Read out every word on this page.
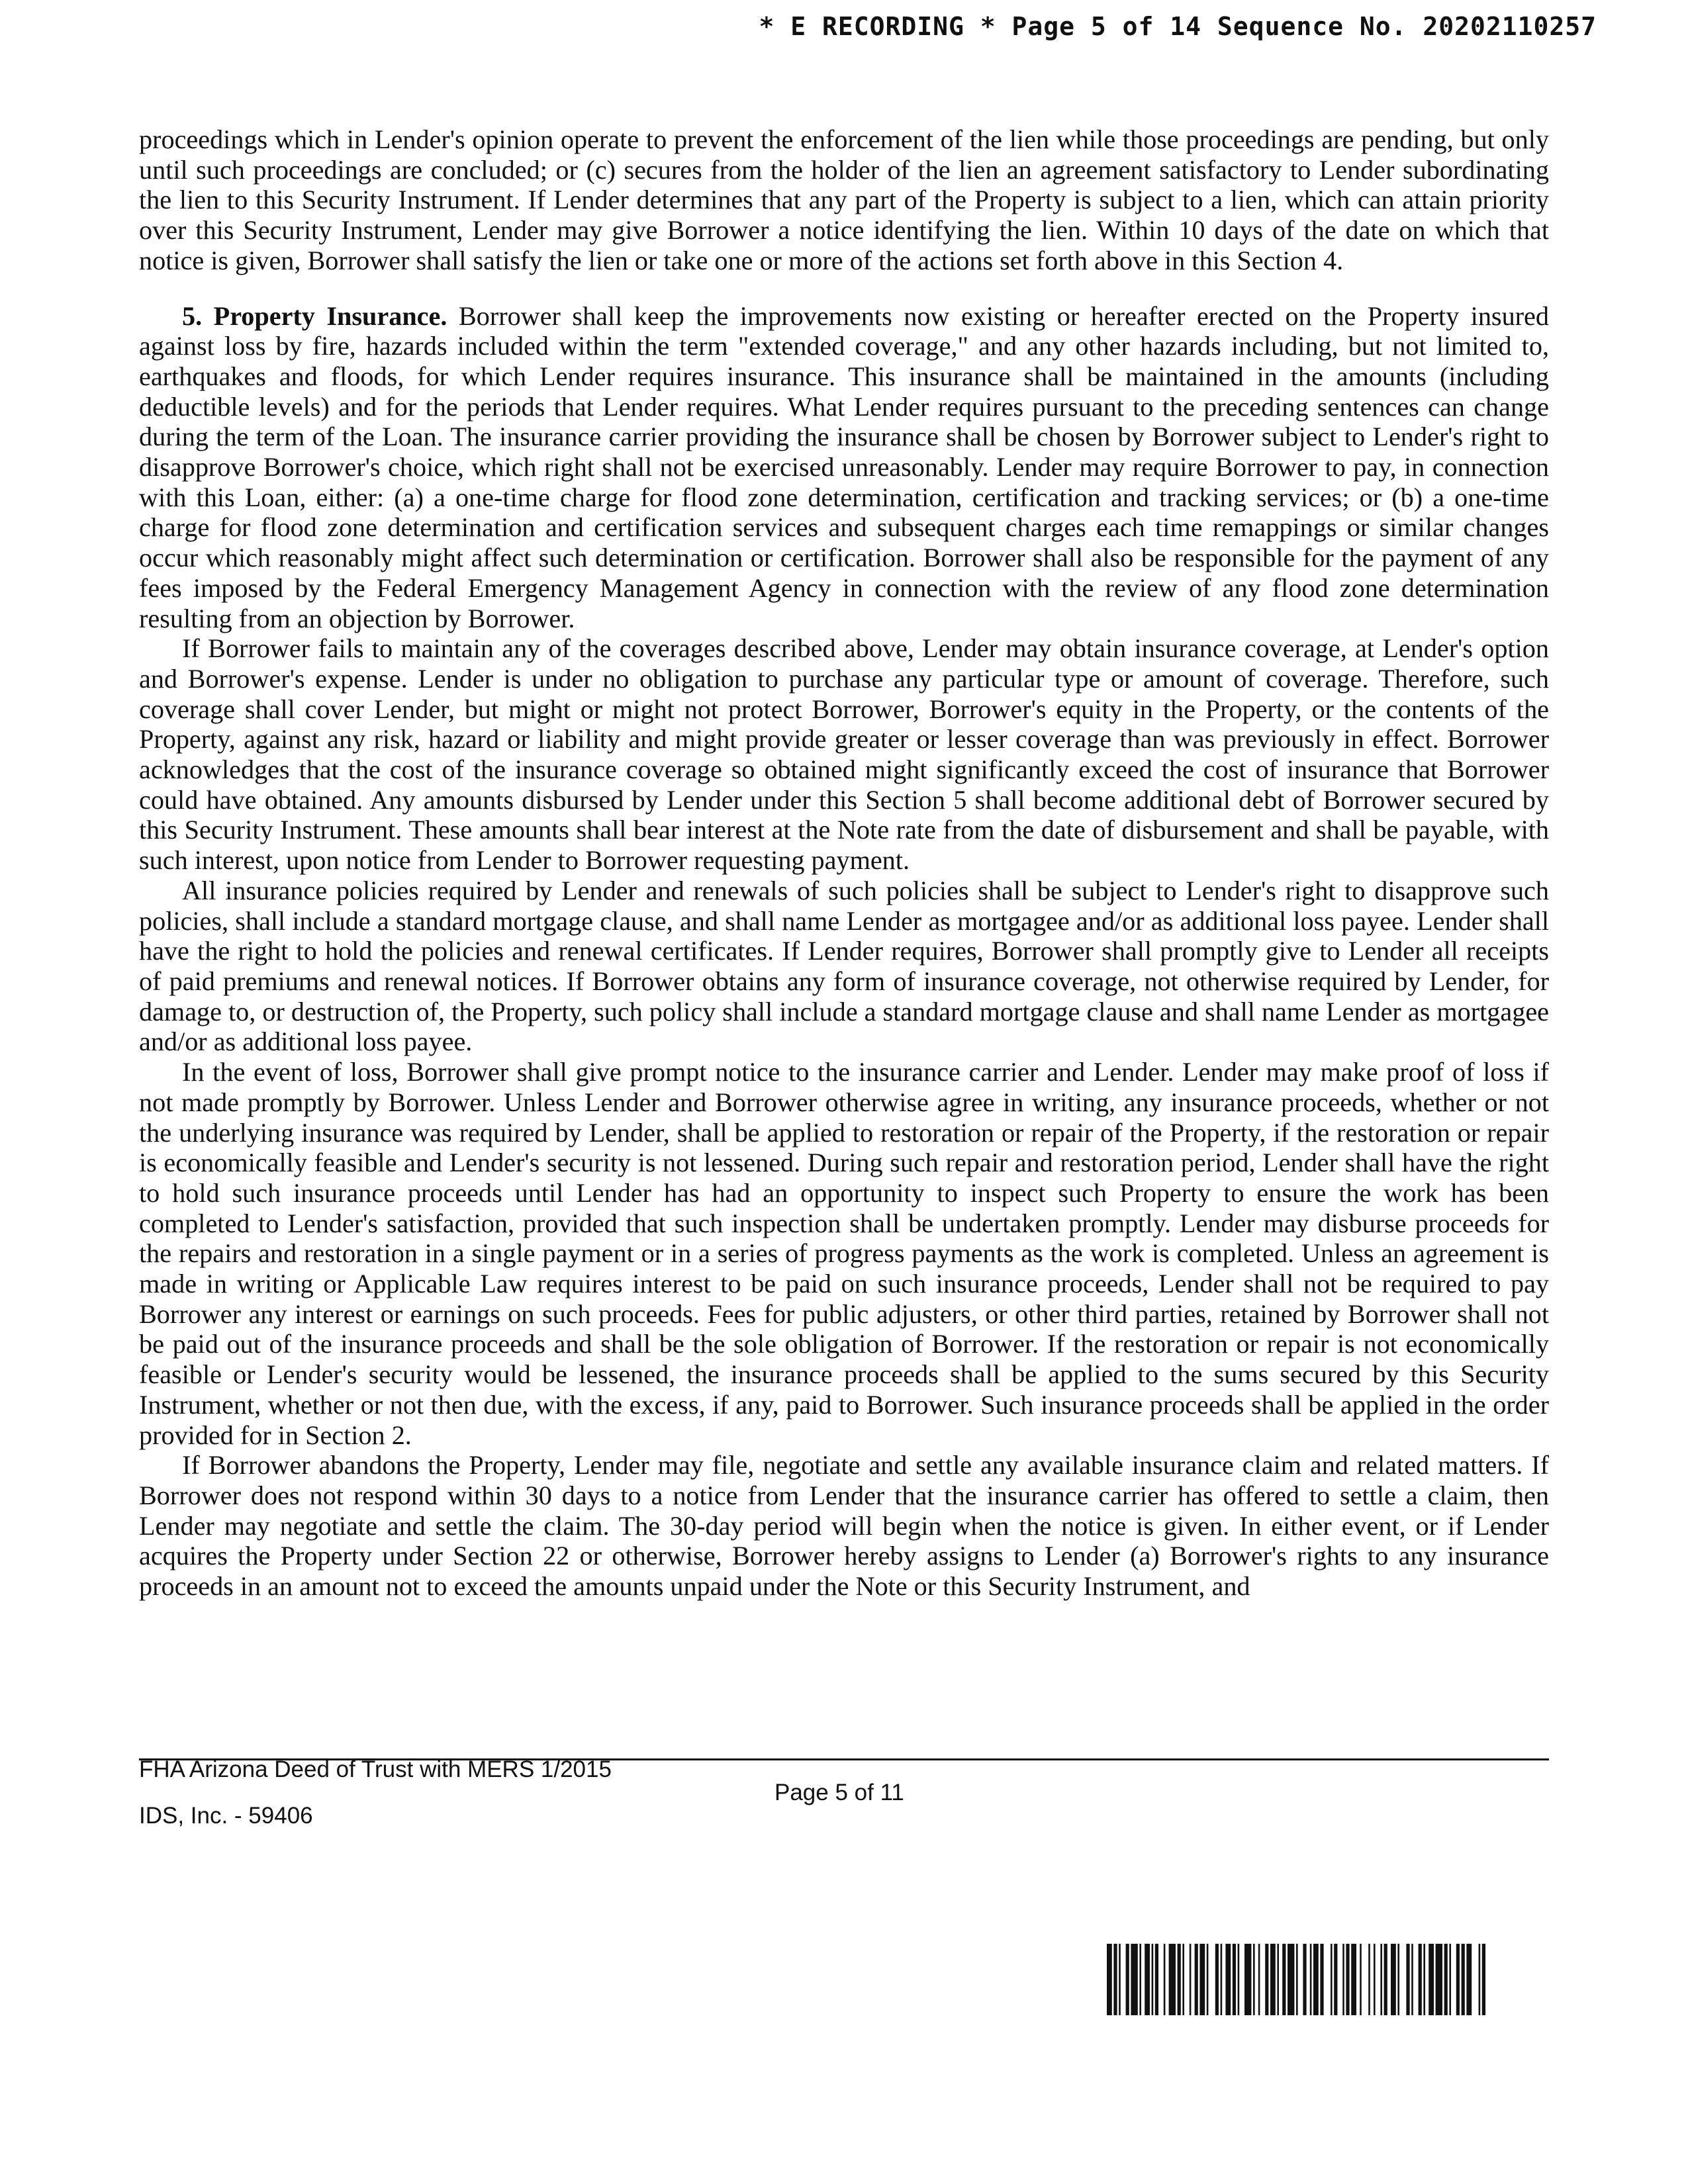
* E RECORDING * Page 5 of 14 Sequence No. 20202110257

proceedings which in Lender's opinion operate to prevent the enforcement of the lien while those proceedings are pending, but only until such proceedings are concluded; or (c) secures from the holder of the lien an agreement satisfactory to Lender subordinating the lien to this Security Instrument. If Lender determines that any part of the Property is subject to a lien, which can attain priority over this Security Instrument, Lender may give Borrower a notice identifying the lien. Within 10 days of the date on which that notice is given, Borrower shall satisfy the lien or take one or more of the actions set forth above in this Section 4.

5. Property Insurance. Borrower shall keep the improvements now existing or hereafter erected on the Property insured against loss by fire, hazards included within the term "extended coverage," and any other hazards including, but not limited to, earthquakes and floods, for which Lender requires insurance. This insurance shall be maintained in the amounts (including deductible levels) and for the periods that Lender requires. What Lender requires pursuant to the preceding sentences can change during the term of the Loan. The insurance carrier providing the insurance shall be chosen by Borrower subject to Lender's right to disapprove Borrower's choice, which right shall not be exercised unreasonably. Lender may require Borrower to pay, in connection with this Loan, either: (a) a one-time charge for flood zone determination, certification and tracking services; or (b) a one-time charge for flood zone determination and certification services and subsequent charges each time remappings or similar changes occur which reasonably might affect such determination or certification. Borrower shall also be responsible for the payment of any fees imposed by the Federal Emergency Management Agency in connection with the review of any flood zone determination resulting from an objection by Borrower.

If Borrower fails to maintain any of the coverages described above, Lender may obtain insurance coverage, at Lender's option and Borrower's expense. Lender is under no obligation to purchase any particular type or amount of coverage. Therefore, such coverage shall cover Lender, but might or might not protect Borrower, Borrower's equity in the Property, or the contents of the Property, against any risk, hazard or liability and might provide greater or lesser coverage than was previously in effect. Borrower acknowledges that the cost of the insurance coverage so obtained might significantly exceed the cost of insurance that Borrower could have obtained. Any amounts disbursed by Lender under this Section 5 shall become additional debt of Borrower secured by this Security Instrument. These amounts shall bear interest at the Note rate from the date of disbursement and shall be payable, with such interest, upon notice from Lender to Borrower requesting payment.

All insurance policies required by Lender and renewals of such policies shall be subject to Lender's right to disapprove such policies, shall include a standard mortgage clause, and shall name Lender as mortgagee and/or as additional loss payee. Lender shall have the right to hold the policies and renewal certificates. If Lender requires, Borrower shall promptly give to Lender all receipts of paid premiums and renewal notices. If Borrower obtains any form of insurance coverage, not otherwise required by Lender, for damage to, or destruction of, the Property, such policy shall include a standard mortgage clause and shall name Lender as mortgagee and/or as additional loss payee.

In the event of loss, Borrower shall give prompt notice to the insurance carrier and Lender. Lender may make proof of loss if not made promptly by Borrower. Unless Lender and Borrower otherwise agree in writing, any insurance proceeds, whether or not the underlying insurance was required by Lender, shall be applied to restoration or repair of the Property, if the restoration or repair is economically feasible and Lender's security is not lessened. During such repair and restoration period, Lender shall have the right to hold such insurance proceeds until Lender has had an opportunity to inspect such Property to ensure the work has been completed to Lender's satisfaction, provided that such inspection shall be undertaken promptly. Lender may disburse proceeds for the repairs and restoration in a single payment or in a series of progress payments as the work is completed. Unless an agreement is made in writing or Applicable Law requires interest to be paid on such insurance proceeds, Lender shall not be required to pay Borrower any interest or earnings on such proceeds. Fees for public adjusters, or other third parties, retained by Borrower shall not be paid out of the insurance proceeds and shall be the sole obligation of Borrower. If the restoration or repair is not economically feasible or Lender's security would be lessened, the insurance proceeds shall be applied to the sums secured by this Security Instrument, whether or not then due, with the excess, if any, paid to Borrower. Such insurance proceeds shall be applied in the order provided for in Section 2.

If Borrower abandons the Property, Lender may file, negotiate and settle any available insurance claim and related matters. If Borrower does not respond within 30 days to a notice from Lender that the insurance carrier has offered to settle a claim, then Lender may negotiate and settle the claim. The 30-day period will begin when the notice is given. In either event, or if Lender acquires the Property under Section 22 or otherwise, Borrower hereby assigns to Lender (a) Borrower's rights to any insurance proceeds in an amount not to exceed the amounts unpaid under the Note or this Security Instrument, and

FHA Arizona Deed of Trust with MERS 1/2015
Page 5 of 11
IDS, Inc. - 59406
